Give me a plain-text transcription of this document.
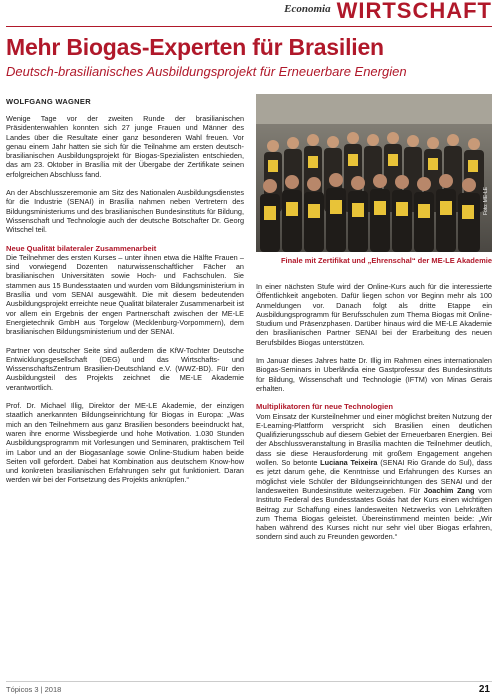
$^{Economia}$ WIRTSCHAFT
Mehr Biogas-Experten für Brasilien

Deutsch-brasilianisches Ausbildungsprojekt für Erneuerbare Energien

WOLFGANG WAGNER

Wenige Tage vor der zweiten Runde der brasilianischen Präsidentenwahlen konnten sich 27 junge Frauen und Männer des Landes über die Resultate einer ganz besonderen Wahl freuen. Vor genau einem Jahr hatten sie sich für die Teilnahme am ersten deutsch-brasilianischen Ausbildungsprojekt für Biogas-Spezialisten entschieden, das am 23. Oktober in Brasília mit der Übergabe der Zertifikate seinen erfolgreichen Abschluss fand.

An der Abschlusszeremonie am Sitz des Nationalen Ausbildungsdienstes für die Industrie (SENAI) in Brasília nahmen neben Vertretern des Bildungsministeriums und des brasilianischen Bundesinstituts für Bildung, Wissenschaft und Technologie auch der deutsche Botschafter Dr. Georg Witschel teil.

Neue Qualität bilateraler Zusammenarbeit

Die Teilnehmer des ersten Kurses – unter ihnen etwa die Hälfte Frauen – sind vorwiegend Dozenten naturwissenschaftlicher Fächer an brasilianischen Universitäten sowie Hoch- und Fachschulen. Sie stammen aus 15 Bundesstaaten und wurden vom Bildungsministerium in Brasília und vom SENAI ausgewählt. Die mit diesem bedeutenden Ausbildungsprojekt erreichte neue Qualität bilateraler Zusammenarbeit ist vor allem ein Ergebnis der engen Partnerschaft zwischen der ME-LE Energietechnik GmbH aus Torgelow (Mecklenburg-Vorpommern), dem brasilianischen Bildungsministerium und der SENAI.

Partner von deutscher Seite sind außerdem die KfW-Tochter Deutsche Entwicklungsgesellschaft (DEG) und das Wirtschafts- und WissenschaftsZentrum Brasilien-Deutschland e.V. (WWZ-BD). Für den Ausbildungsteil des Projekts zeichnet die ME-LE Akademie verantwortlich.

Prof. Dr. Michael Illig, Direktor der ME-LE Akademie, der einzigen staatlich anerkannten Bildungseinrichtung für Biogas in Europa: „Was mich an den Teilnehmern aus ganz Brasilien besonders beeindruckt hat, waren ihre enorme Wissbegierde und hohe Motivation. 1.030 Stunden Ausbildungsprogramm mit Vorlesungen und Seminaren, praktischem Teil im Labor und an der Biogasanlage sowie Online-Studium haben beide Seiten voll gefordert. Dabei hat Kombination aus deutschem Know-how und konkreten brasilianischen Erfahrungen sehr gut funktioniert. Daran werden wir bei der Fortsetzung des Projekts anknüpfen.“

Foto: ME-LE
Finale mit Zertifikat und „Ehrenschal“ der ME-LE Akademie

In einer nächsten Stufe wird der Online-Kurs auch für die interessierte Öffentlichkeit angeboten. Dafür liegen schon vor Beginn mehr als 100 Anmeldungen vor. Danach folgt als dritte Etappe ein Ausbildungsprogramm für Berufsschulen zum Thema Biogas mit Online-Studium und Präsenzphasen. Darüber hinaus wird die ME-LE Akademie den brasilianischen Partner SENAI bei der Erarbeitung des neuen Berufsbildes Biogas unterstützen.

Im Januar dieses Jahres hatte Dr. Illig im Rahmen eines internationalen Biogas-Seminars in Uberlândia eine Gastprofessur des Bundesinstituts für Bildung, Wissenschaft und Technologie (IFTM) von Minas Gerais erhalten.

Multiplikatoren für neue Technologien

Vom Einsatz der Kursteilnehmer und einer möglichst breiten Nutzung der E-Learning-Plattform verspricht sich Brasilien einen deutlichen Qualifizierungsschub auf diesem Gebiet der Erneuerbaren Energien. Bei der Abschlussveranstaltung in Brasília machten die Teilnehmer deutlich, dass sie diese Herausforderung mit großem Engagement angehen wollen. So betonte Luciana Teixeira (SENAI Rio Grande do Sul), dass es jetzt darum gehe, die Kenntnisse und Erfahrungen des Kurses an möglichst viele Schüler der Bildungseinrichtungen des SENAI und der landesweiten Bundesinstitute weiterzugeben. Für Joachim Zang vom Instituto Federal des Bundesstaates Goiás hat der Kurs einen wichtigen Beitrag zur Schaffung eines landesweiten Netzwerks von Lehrkräften zum Thema Biogas geleistet. Übereinstimmend meinten beide: „Wir haben während des Kurses nicht nur sehr viel über Biogas erfahren, sondern sind auch zu Freunden geworden.“

Tópicos 3 | 2018	21
